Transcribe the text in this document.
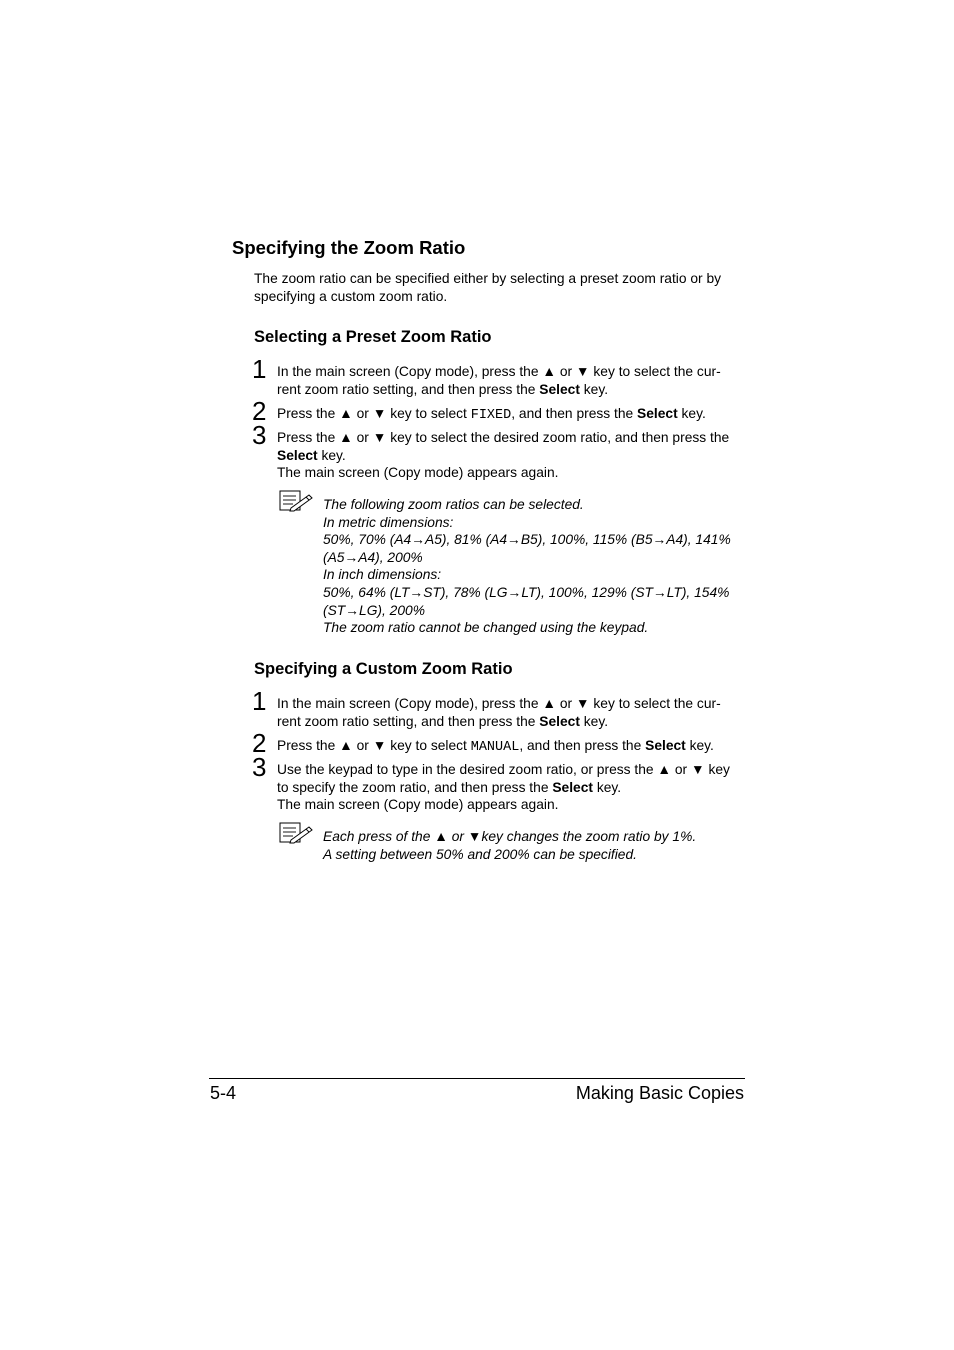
Specifying the Zoom Ratio
The zoom ratio can be specified either by selecting a preset zoom ratio or by
specifying a custom zoom ratio.
Selecting a Preset Zoom Ratio
1 In the main screen (Copy mode), press the ▲ or ▼ key to select the cur-
rent zoom ratio setting, and then press the Select key.
2 Press the ▲ or ▼ key to select FIXED, and then press the Select key.
3 Press the ▲ or ▼ key to select the desired zoom ratio, and then press the
Select key.
The main screen (Copy mode) appears again.
The following zoom ratios can be selected.
In metric dimensions:
50%, 70% (A4→A5), 81% (A4→B5), 100%, 115% (B5→A4), 141%
(A5→A4), 200%
In inch dimensions:
50%, 64% (LT→ST), 78% (LG→LT), 100%, 129% (ST→LT), 154%
(ST→LG), 200%
The zoom ratio cannot be changed using the keypad.
Specifying a Custom Zoom Ratio
1 In the main screen (Copy mode), press the ▲ or ▼ key to select the cur-
rent zoom ratio setting, and then press the Select key.
2 Press the ▲ or ▼ key to select MANUAL, and then press the Select key.
3 Use the keypad to type in the desired zoom ratio, or press the ▲ or ▼ key
to specify the zoom ratio, and then press the Select key.
The main screen (Copy mode) appears again.
Each press of the ▲ or ▼key changes the zoom ratio by 1%.
A setting between 50% and 200% can be specified.
5-4	Making Basic Copies
